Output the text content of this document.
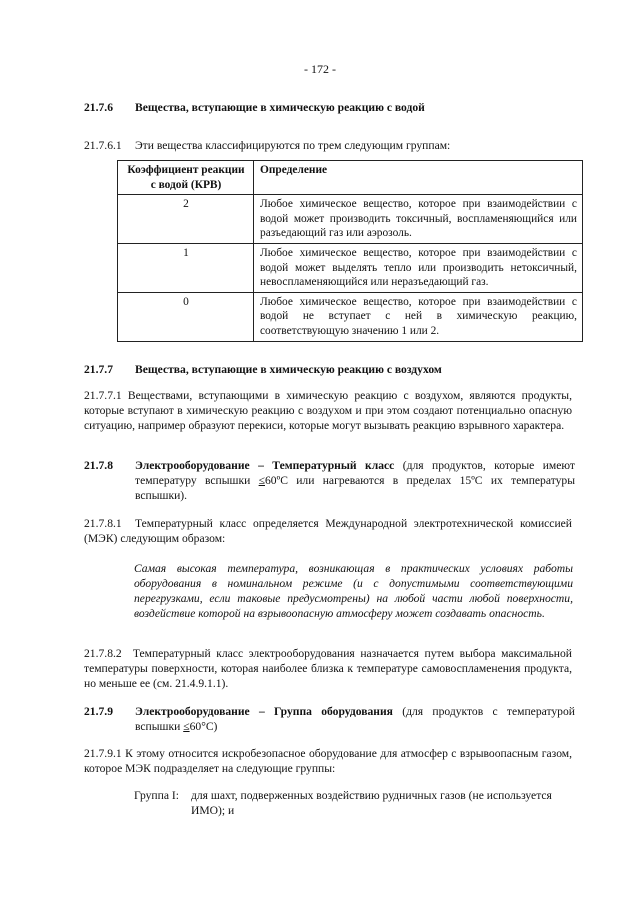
- 172 -
21.7.6 Вещества, вступающие в химическую реакцию с водой
21.7.6.1 Эти вещества классифицируются по трем следующим группам:
Коэффициент реакции с водой (КРВ)	Определение
2	Любое химическое вещество, которое при взаимодействии с водой может производить токсичный, воспламеняющийся или разъедающий газ или аэрозоль.
1	Любое химическое вещество, которое при взаимодействии с водой может выделять тепло или производить нетоксичный, невоспламеняющийся или неразъедающий газ.
0	Любое химическое вещество, которое при взаимодействии с водой не вступает с ней в химическую реакцию, соответствующую значению 1 или 2.
21.7.7 Вещества, вступающие в химическую реакцию с воздухом
21.7.7.1 Веществами, вступающими в химическую реакцию с воздухом, являются продукты, которые вступают в химическую реакцию с воздухом и при этом создают потенциально опасную ситуацию, например образуют перекиси, которые могут вызывать реакцию взрывного характера.
21.7.8 Электрооборудование – Температурный класс (для продуктов, которые имеют температуру вспышки ≤60ºC или нагреваются в пределах 15ºC их температуры вспышки).
21.7.8.1 Температурный класс определяется Международной электротехнической комиссией (МЭК) следующим образом:
Самая высокая температура, возникающая в практических условиях работы оборудования в номинальном режиме (и с допустимыми соответствующими перегрузками, если таковые предусмотрены) на любой части любой поверхности, воздействие которой на взрывоопасную атмосферу может создавать опасность.
21.7.8.2 Температурный класс электрооборудования назначается путем выбора максимальной температуры поверхности, которая наиболее близка к температуре самовоспламенения продукта, но меньше ее (см. 21.4.9.1.1).
21.7.9 Электрооборудование – Группа оборудования (для продуктов с температурой вспышки ≤60°C)
21.7.9.1 К этому относится искробезопасное оборудование для атмосфер с взрывоопасным газом, которое МЭК подразделяет на следующие группы:
Группа I: для шахт, подверженных воздействию рудничных газов (не используется ИМО); и
